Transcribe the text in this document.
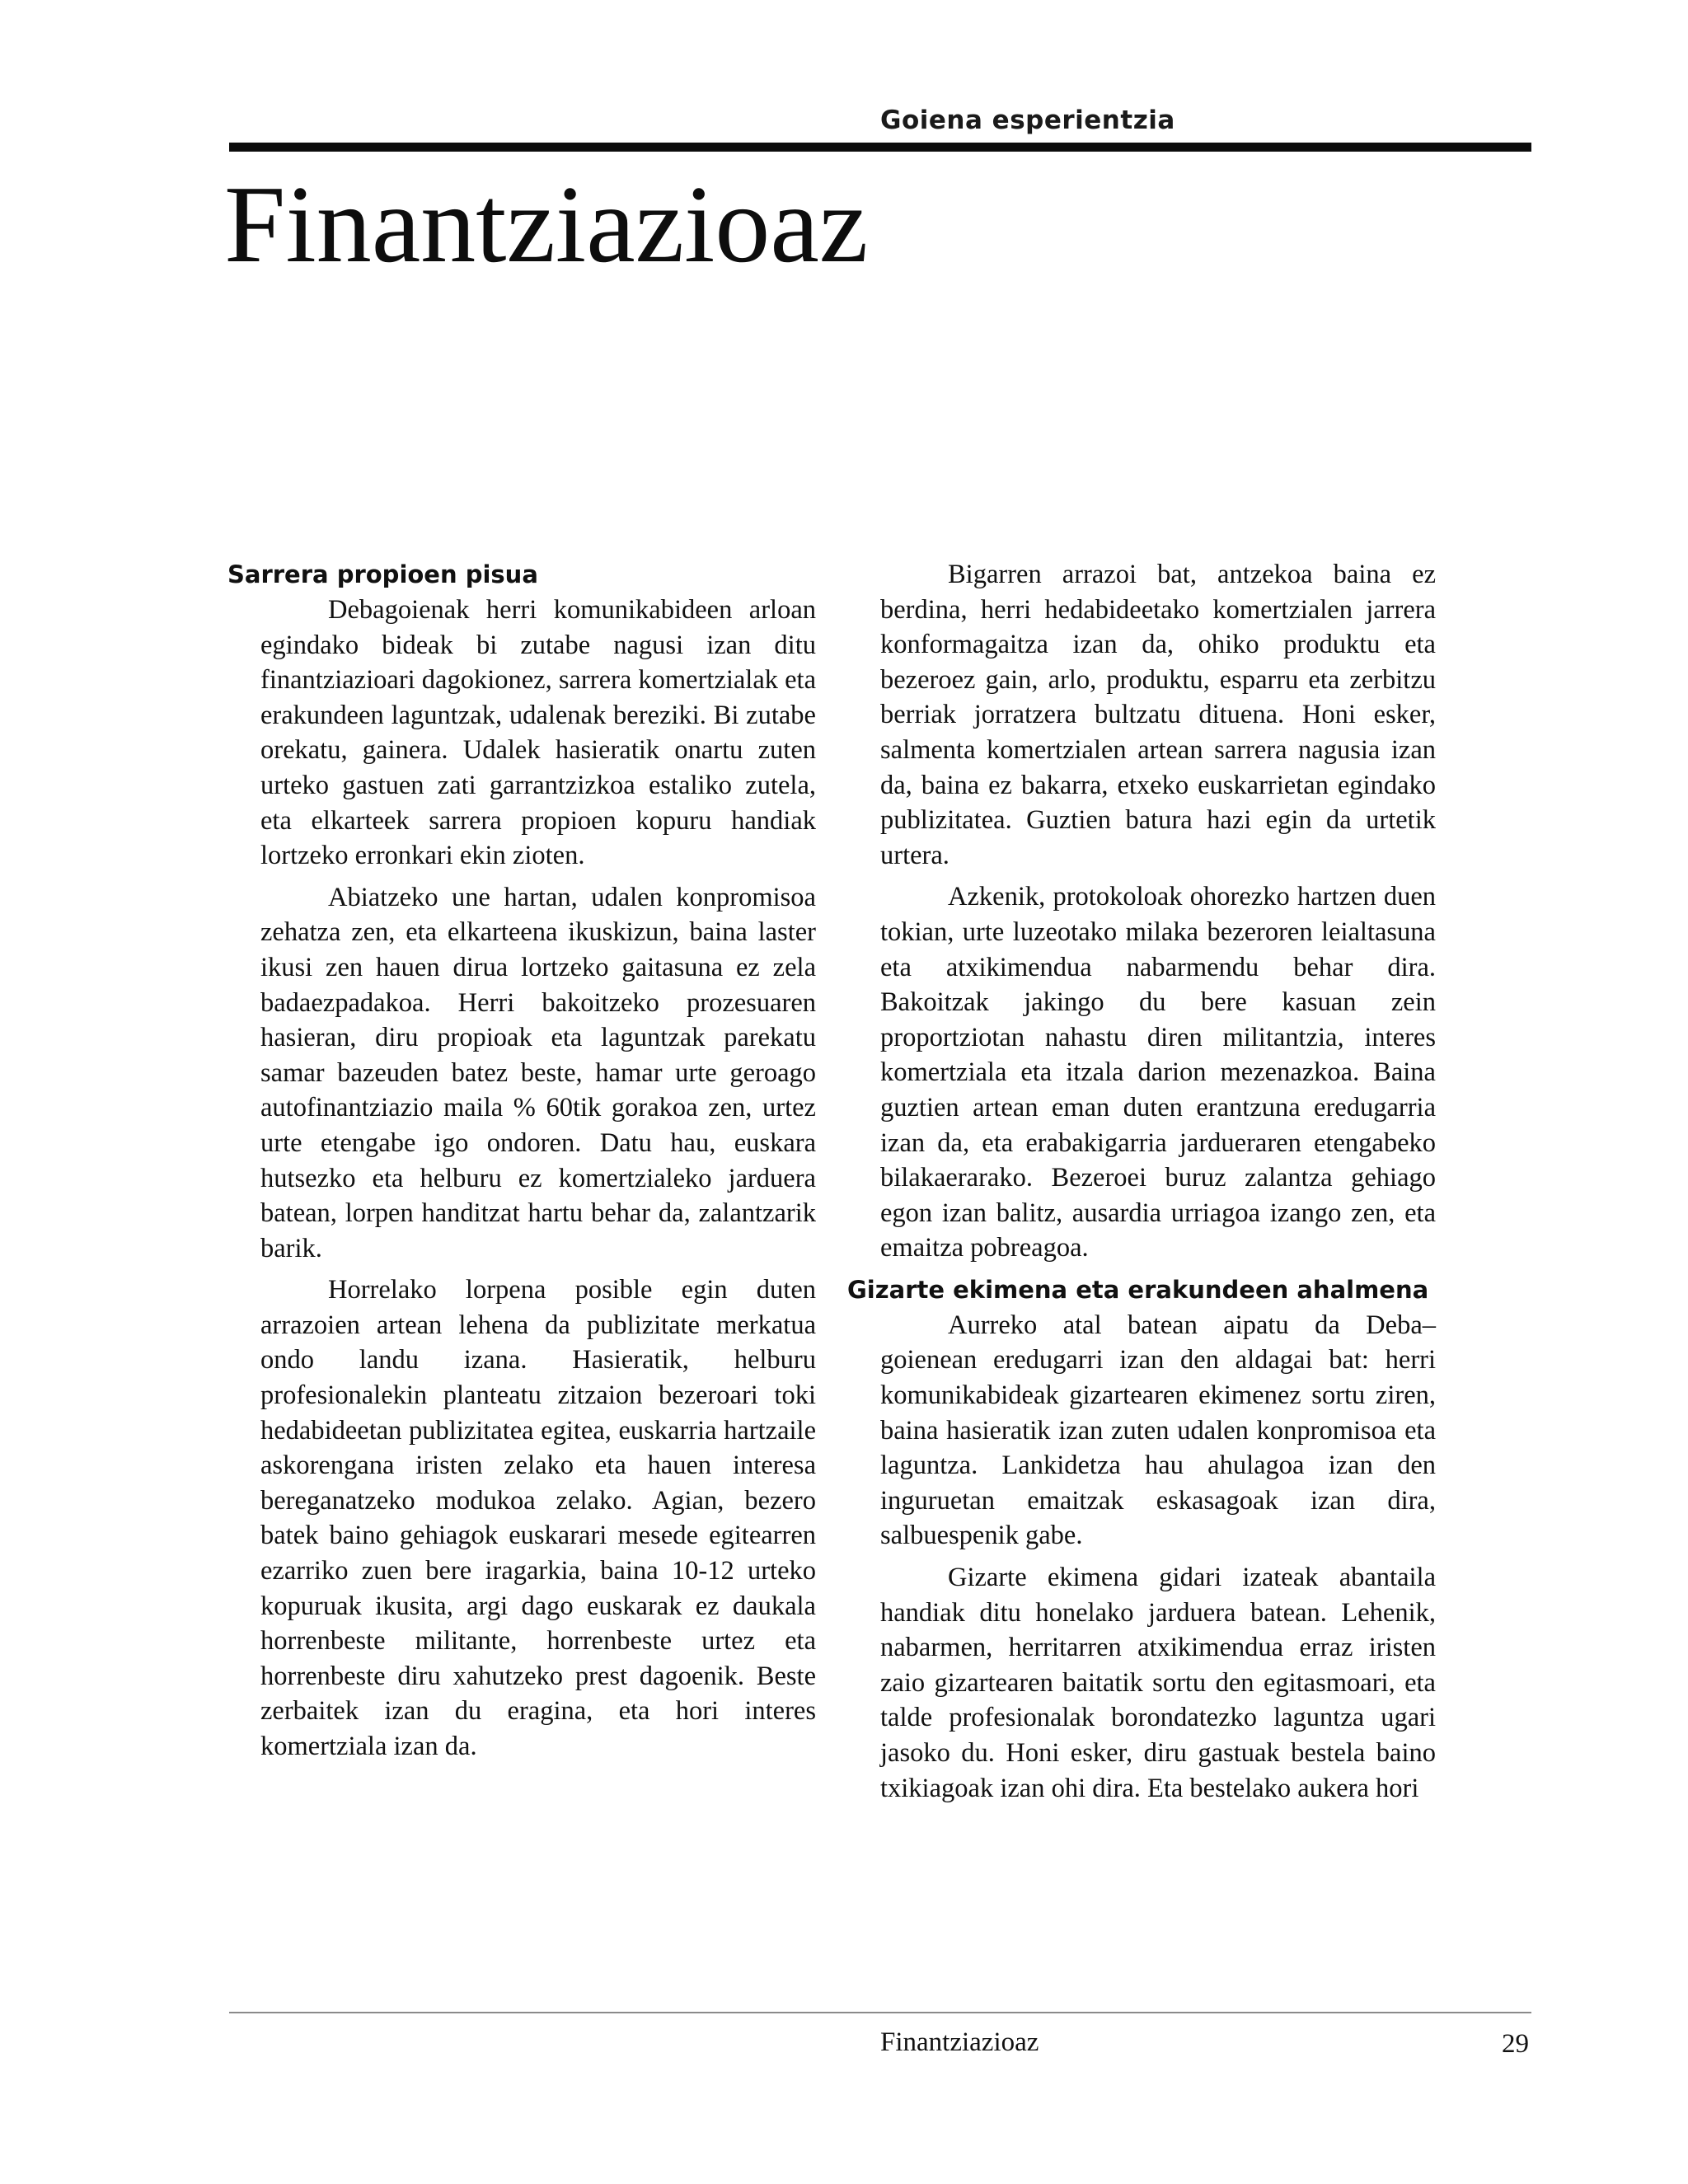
Goiena esperientzia
Finantziazioaz
Sarrera propioen pisua

Debagoienak herri komunikabideen arloan egindako bideak bi zutabe nagusi izan ditu finantziazioari dagokionez, sarrera komertzialak eta erakundeen laguntzak, udalenak bereziki. Bi zutabe orekatu, gainera. Udalek hasieratik onartu zuten urteko gastuen zati garrantzizkoa estaliko zutela, eta elkarteek sarrera propioen kopuru handiak lortzeko erronkari ekin zioten.

Abiatzeko une hartan, udalen konpromisoa zehatza zen, eta elkarteena ikuskizun, baina laster ikusi zen hauen dirua lortzeko gaitasuna ez zela badaezpadakoa. Herri bakoitzeko prozesuaren hasieran, diru propioak eta laguntzak parekatu samar bazeuden batez beste, hamar urte geroago autofinantziazio maila % 60tik gorakoa zen, urtez urte etengabe igo ondoren. Datu hau, euskara hutsezko eta helburu ez komertzialeko jarduera batean, lorpen handitzat hartu behar da, zalantzarik barik.

Horrelako lorpena posible egin duten arrazoien artean lehena da publizitate merkatua ondo landu izana. Hasieratik, helburu profesionalekin planteatu zitzaion bezeroari toki hedabideetan publizitatea egitea, euskarria hartzaile askorengana iristen zelako eta hauen interesa bereganatzeko modukoa zelako. Agian, bezero batek baino gehiagok euskarari mesede egitearren ezarriko zuen bere iragarkia, baina 10-12 urteko kopuruak ikusita, argi dago euskarak ez daukala horrenbeste militante, horrenbeste urtez eta horrenbeste diru xahutzeko prest dagoenik. Beste zerbaitek izan du eragina, eta hori interes komertziala izan da.

Bigarren arrazoi bat, antzekoa baina ez berdina, herri hedabideetako komertzialen jarrera konformagaitza izan da, ohiko produktu eta bezeroez gain, arlo, produktu, esparru eta zerbitzu berriak jorratzera bultzatu dituena. Honi esker, salmenta komertzialen artean sarrera nagusia izan da, baina ez bakarra, etxeko euskarrietan egindako publizitatea. Guztien batura hazi egin da urtetik urtera.

Azkenik, protokoloak ohorezko hartzen duen tokian, urte luzeotako milaka bezeroren leialtasuna eta atxikimendua nabarmendu behar dira. Bakoitzak jakingo du bere kasuan zein proportziotan nahastu diren militantzia, interes komertziala eta itzala darion mezenazkoa. Baina guztien artean eman duten erantzuna eredugarria izan da, eta erabakigarria jardueraren etengabeko bilakaerarako. Bezeroei buruz zalantza gehiago egon izan balitz, ausardia urriagoa izango zen, eta emaitza pobreagoa.

Gizarte ekimena eta erakundeen ahalmena

Aurreko atal batean aipatu da Deba–goienean eredugarri izan den aldagai bat: herri komunikabideak gizartearen ekimenez sortu ziren, baina hasieratik izan zuten udalen konpromisoa eta laguntza. Lankidetza hau ahulagoa izan den inguruetan emaitzak eskasagoak izan dira, salbuespenik gabe.

Gizarte ekimena gidari izateak abantaila handiak ditu honelako jarduera batean. Lehenik, nabarmen, herritarren atxikimendua erraz iristen zaio gizartearen baitatik sortu den egitasmoari, eta talde profesionalak borondatezko laguntza ugari jasoko du. Honi esker, diru gastuak bestela baino txikiagoak izan ohi dira. Eta bestelako aukera hori

Finantziazioaz	29
